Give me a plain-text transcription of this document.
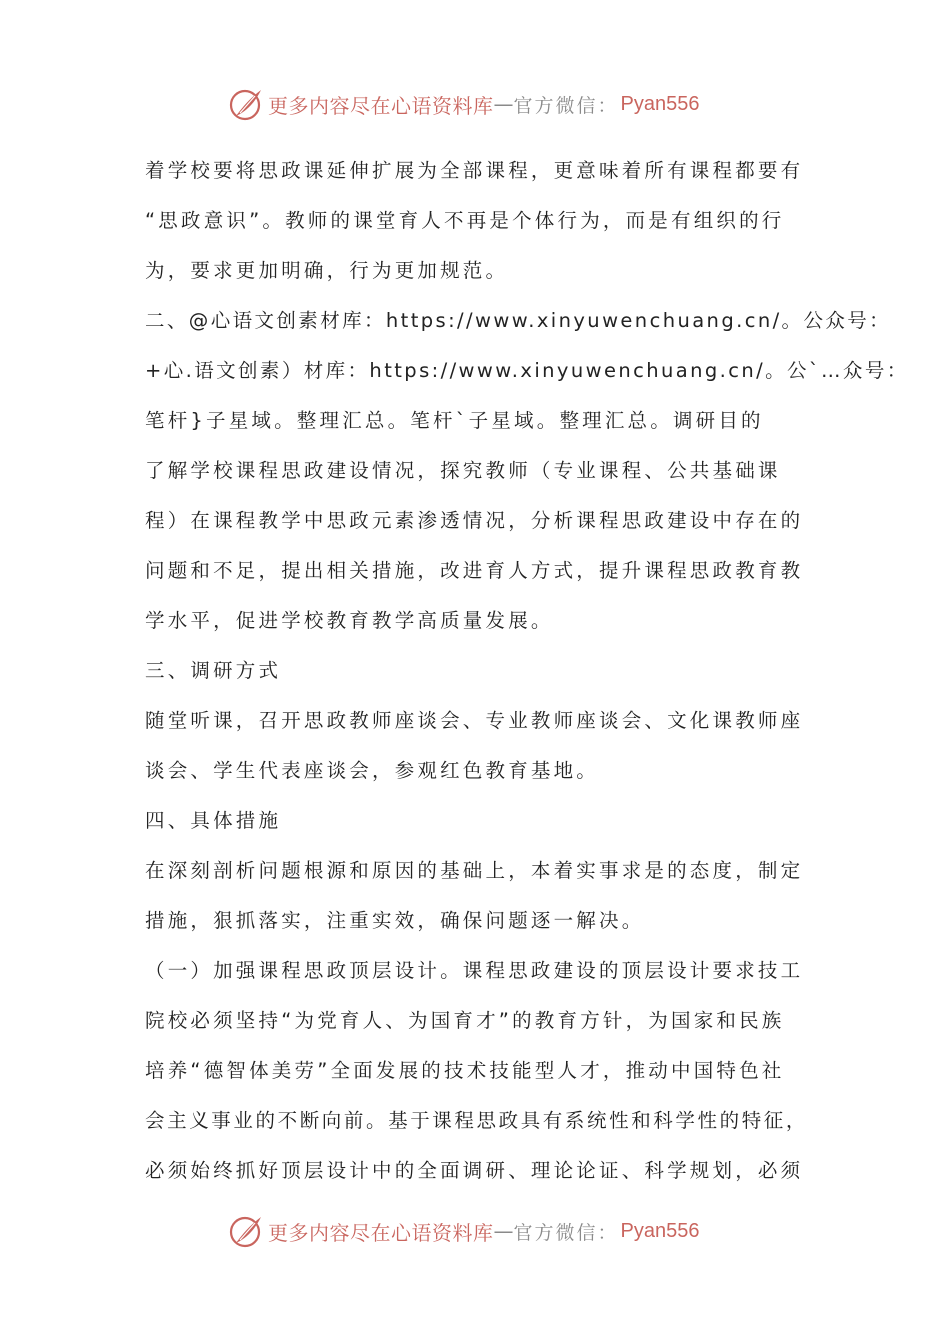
更多内容尽在心语资料库 — 官方微信： Pyan556
着学校要将思政课延伸扩展为全部课程，更意味着所有课程都要有
“思政意识”。教师的课堂育人不再是个体行为，而是有组织的行
为，要求更加明确，行为更加规范。
二、@心语文创素材库：https://www.xinyuwenchuang.cn/。公众号：
+心.语文创素）材库：https://www.xinyuwenchuang.cn/。公`…众号：
笔杆}子星域。整理汇总。笔杆`子星域。整理汇总。调研目的
了解学校课程思政建设情况，探究教师（专业课程、公共基础课
程）在课程教学中思政元素渗透情况，分析课程思政建设中存在的
问题和不足，提出相关措施，改进育人方式，提升课程思政教育教
学水平，促进学校教育教学高质量发展。
三、调研方式
随堂听课，召开思政教师座谈会、专业教师座谈会、文化课教师座
谈会、学生代表座谈会，参观红色教育基地。
四、具体措施
在深刻剖析问题根源和原因的基础上，本着实事求是的态度，制定
措施，狠抓落实，注重实效，确保问题逐一解决。
（一）加强课程思政顶层设计。课程思政建设的顶层设计要求技工
院校必须坚持“为党育人、为国育才”的教育方针，为国家和民族
培养“德智体美劳”全面发展的技术技能型人才，推动中国特色社
会主义事业的不断向前。基于课程思政具有系统性和科学性的特征，
必须始终抓好顶层设计中的全面调研、理论论证、科学规划，必须
更多内容尽在心语资料库 — 官方微信： Pyan556
